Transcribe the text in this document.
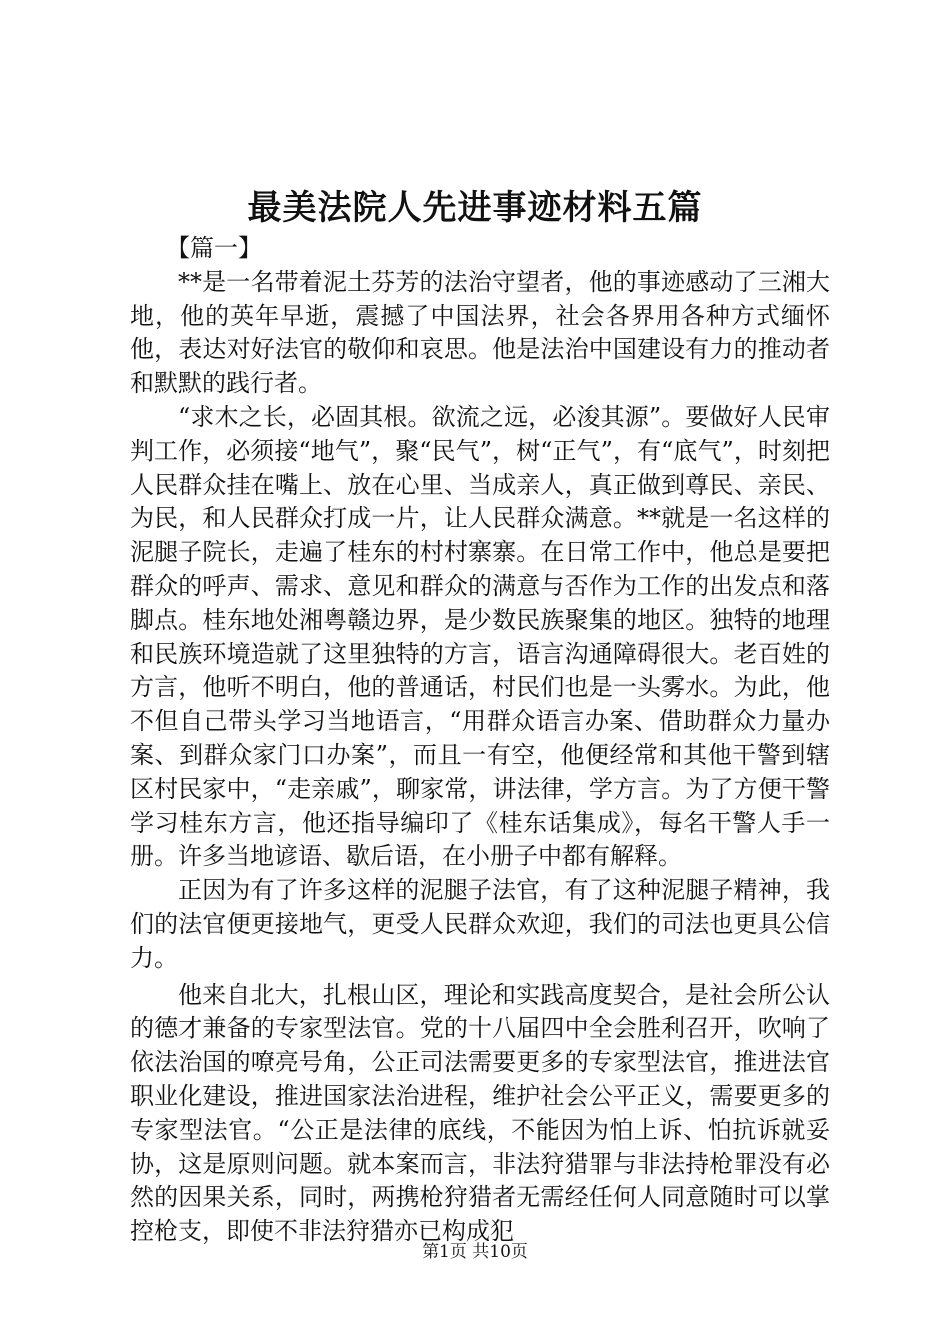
最美法院人先进事迹材料五篇

【篇一】

**是一名带着泥土芬芳的法治守望者，他的事迹感动了三湘大地，他的英年早逝，震撼了中国法界，社会各界用各种方式缅怀他，表达对好法官的敬仰和哀思。他是法治中国建设有力的推动者和默默的践行者。

“求木之长，必固其根。欲流之远，必浚其源”。要做好人民审判工作，必须接“地气”，聚“民气”，树“正气”，有“底气”，时刻把人民群众挂在嘴上、放在心里、当成亲人，真正做到尊民、亲民、为民，和人民群众打成一片，让人民群众满意。**就是一名这样的泥腿子院长，走遍了桂东的村村寨寨。在日常工作中，他总是要把群众的呼声、需求、意见和群众的满意与否作为工作的出发点和落脚点。桂东地处湘粤赣边界，是少数民族聚集的地区。独特的地理和民族环境造就了这里独特的方言，语言沟通障碍很大。老百姓的方言，他听不明白，他的普通话，村民们也是一头雾水。为此，他不但自己带头学习当地语言，“用群众语言办案、借助群众力量办案、到群众家门口办案”，而且一有空，他便经常和其他干警到辖区村民家中，“走亲戚”，聊家常，讲法律，学方言。为了方便干警学习桂东方言，他还指导编印了《桂东话集成》，每名干警人手一册。许多当地谚语、歇后语，在小册子中都有解释。

正因为有了许多这样的泥腿子法官，有了这种泥腿子精神，我们的法官便更接地气，更受人民群众欢迎，我们的司法也更具公信力。

他来自北大，扎根山区，理论和实践高度契合，是社会所公认的德才兼备的专家型法官。党的十八届四中全会胜利召开，吹响了依法治国的嘹亮号角，公正司法需要更多的专家型法官，推进法官职业化建设，推进国家法治进程，维护社会公平正义，需要更多的专家型法官。“公正是法律的底线，不能因为怕上诉、怕抗诉就妥协，这是原则问题。就本案而言，非法狩猎罪与非法持枪罪没有必然的因果关系，同时，两携枪狩猎者无需经任何人同意随时可以掌控枪支，即使不非法狩猎亦已构成犯

第1页 共10页
